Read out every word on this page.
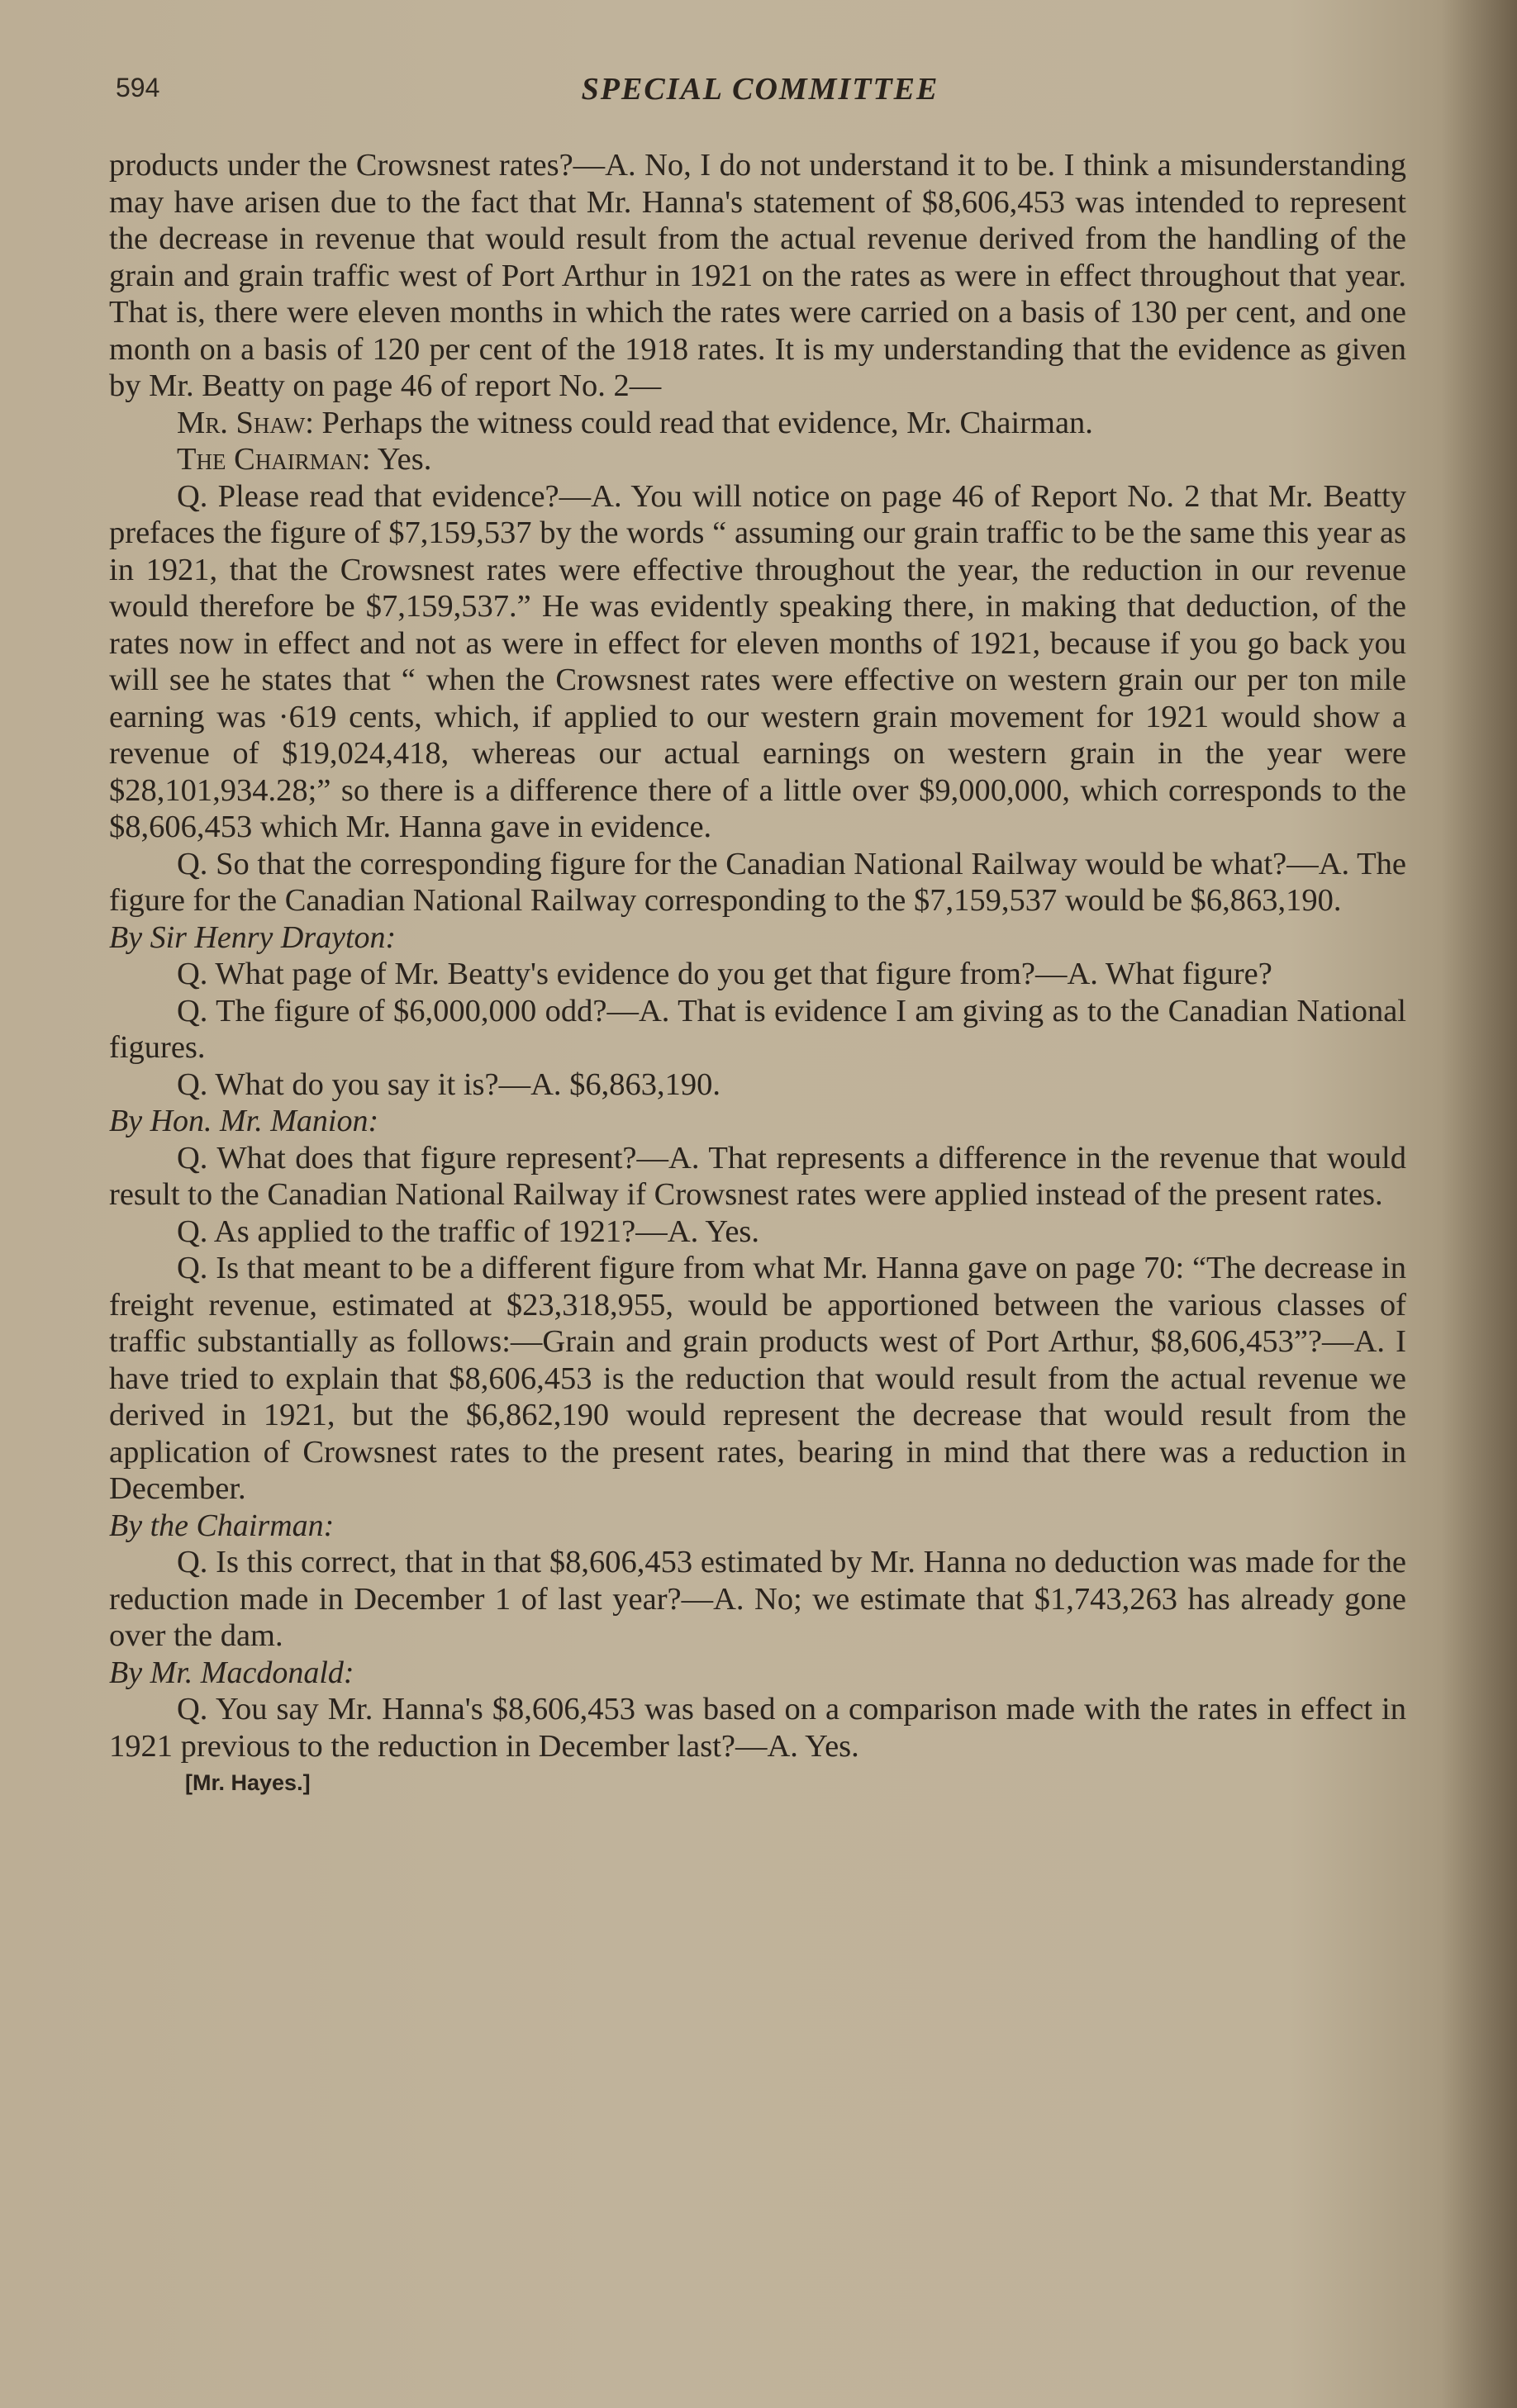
594	SPECIAL COMMITTEE

products under the Crowsnest rates?—A. No, I do not understand it to be. I think a misunderstanding may have arisen due to the fact that Mr. Hanna's statement of $8,606,453 was intended to represent the decrease in revenue that would result from the actual revenue derived from the handling of the grain and grain traffic west of Port Arthur in 1921 on the rates as were in effect throughout that year. That is, there were eleven months in which the rates were carried on a basis of 130 per cent, and one month on a basis of 120 per cent of the 1918 rates. It is my understanding that the evidence as given by Mr. Beatty on page 46 of report No. 2—

Mr. Shaw: Perhaps the witness could read that evidence, Mr. Chairman.

The Chairman: Yes.

Q. Please read that evidence?—A. You will notice on page 46 of Report No. 2 that Mr. Beatty prefaces the figure of $7,159,537 by the words “ assuming our grain traffic to be the same this year as in 1921, that the Crowsnest rates were effective throughout the year, the reduction in our revenue would therefore be $7,159,537.” He was evidently speaking there, in making that deduction, of the rates now in effect and not as were in effect for eleven months of 1921, because if you go back you will see he states that “ when the Crowsnest rates were effective on western grain our per ton mile earning was ·619 cents, which, if applied to our western grain movement for 1921 would show a revenue of $19,024,418, whereas our actual earnings on western grain in the year were $28,101,934.28;” so there is a difference there of a little over $9,000,000, which corresponds to the $8,606,453 which Mr. Hanna gave in evidence.

Q. So that the corresponding figure for the Canadian National Railway would be what?—A. The figure for the Canadian National Railway corresponding to the $7,159,537 would be $6,863,190.

By Sir Henry Drayton:

Q. What page of Mr. Beatty's evidence do you get that figure from?—A. What figure?

Q. The figure of $6,000,000 odd?—A. That is evidence I am giving as to the Canadian National figures.

Q. What do you say it is?—A. $6,863,190.

By Hon. Mr. Manion:

Q. What does that figure represent?—A. That represents a difference in the revenue that would result to the Canadian National Railway if Crowsnest rates were applied instead of the present rates.

Q. As applied to the traffic of 1921?—A. Yes.

Q. Is that meant to be a different figure from what Mr. Hanna gave on page 70: “The decrease in freight revenue, estimated at $23,318,955, would be apportioned between the various classes of traffic substantially as follows:—Grain and grain products west of Port Arthur, $8,606,453”?—A. I have tried to explain that $8,606,453 is the reduction that would result from the actual revenue we derived in 1921, but the $6,862,190 would represent the decrease that would result from the application of Crowsnest rates to the present rates, bearing in mind that there was a reduction in December.

By the Chairman:

Q. Is this correct, that in that $8,606,453 estimated by Mr. Hanna no deduction was made for the reduction made in December 1 of last year?—A. No; we estimate that $1,743,263 has already gone over the dam.

By Mr. Macdonald:

Q. You say Mr. Hanna's $8,606,453 was based on a comparison made with the rates in effect in 1921 previous to the reduction in December last?—A. Yes.

[Mr. Hayes.]
